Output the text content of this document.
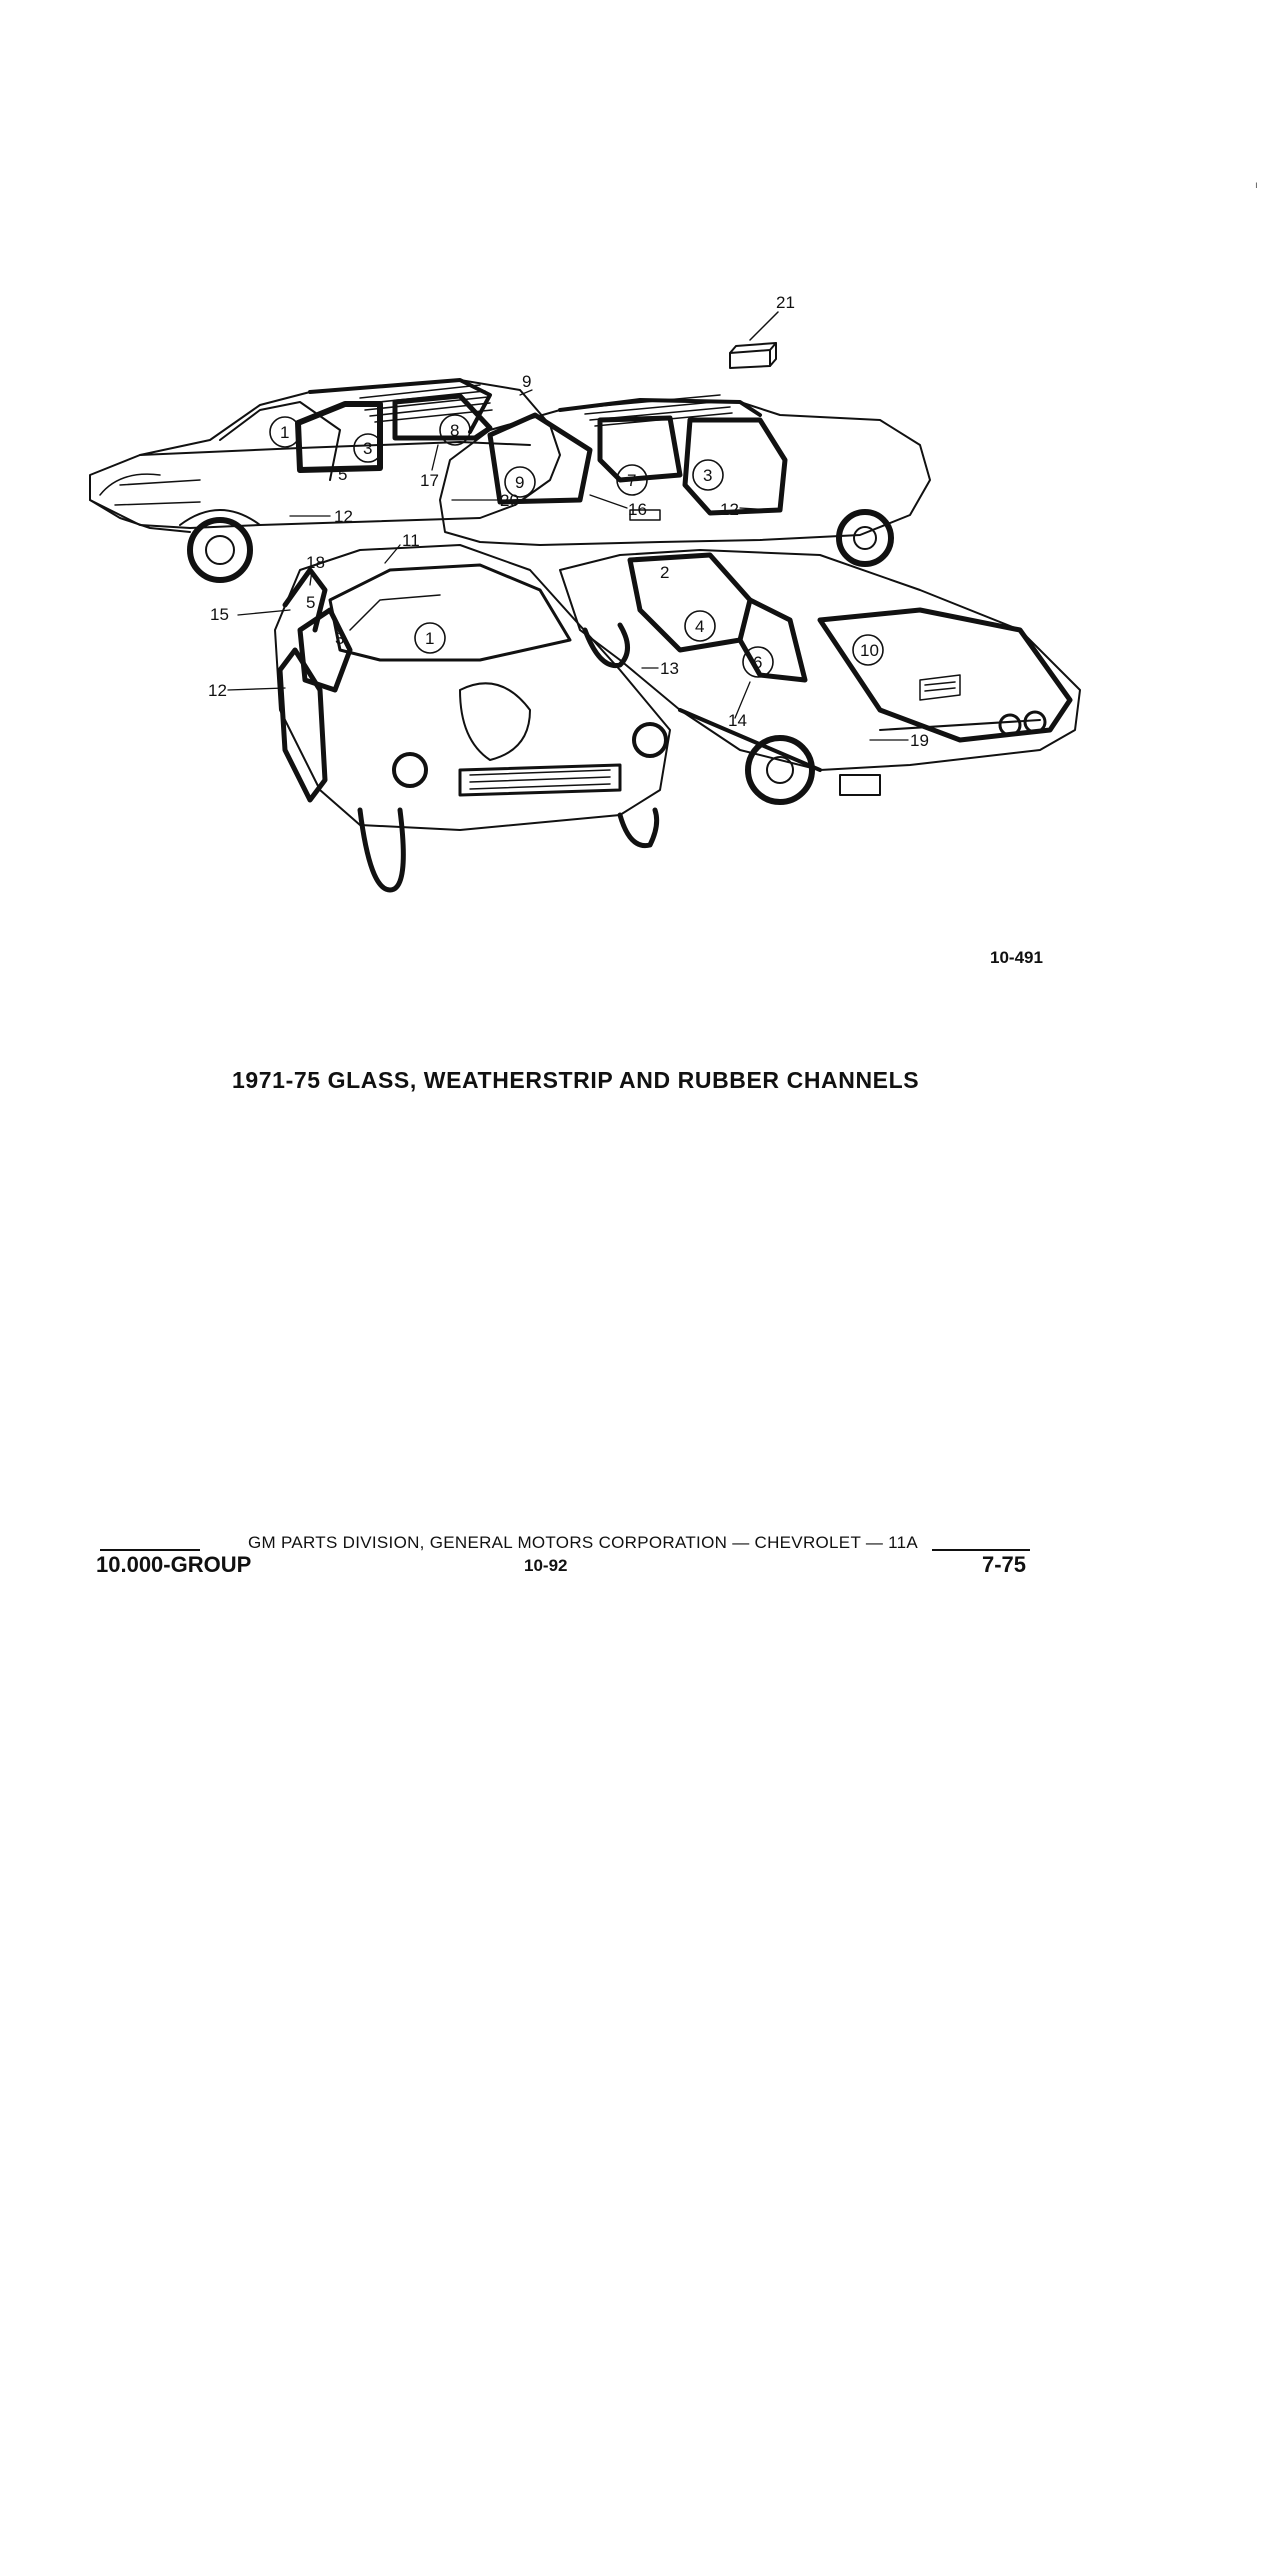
ı
21
9
1
3
8
5	17	9	7	3
12
20	16	12
11
18
15
5
3	1
2
4
13	6
10
14
12
19
10-491
1971-75 GLASS, WEATHERSTRIP AND RUBBER CHANNELS
GM PARTS DIVISION, GENERAL MOTORS CORPORATION — CHEVROLET — 11A
10.000-GROUP	10-92	7-75
